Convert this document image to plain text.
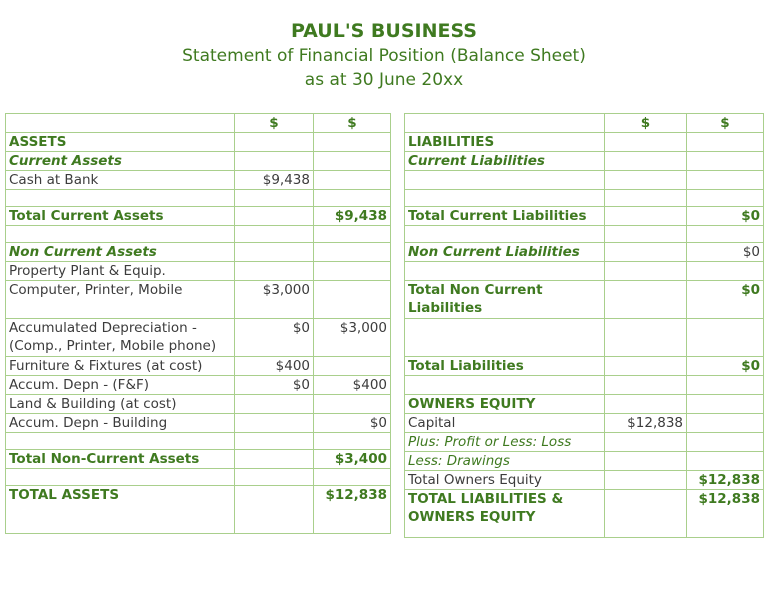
PAUL'S BUSINESS
Statement of Financial Position (Balance Sheet)
as at 30 June 20xx
	$	$
ASSETS		
Current Assets		
Cash at Bank	$9,438	

Total Current Assets		$9,438

Non Current Assets		
Property Plant & Equip.		
Computer, Printer, Mobile	$3,000	

Accumulated Depreciation -
(Comp., Printer, Mobile phone)	$0	$3,000
Furniture & Fixtures (at cost)	$400	
Accum. Depn - (F&F)	$0	$400
Land & Building (at cost)		
Accum. Depn - Building		$0

Total Non-Current Assets		$3,400

TOTAL ASSETS		$12,838
	$	$
LIABILITIES		
Current Liabilities		

Total Current Liabilities		$0

Non Current Liabilities		$0

Total Non Current
Liabilities		$0

Total Liabilities		$0

OWNERS EQUITY		
Capital	$12,838	
Plus: Profit or Less: Loss		
Less: Drawings		
Total Owners Equity		$12,838

TOTAL LIABILITIES &
OWNERS EQUITY		$12,838
